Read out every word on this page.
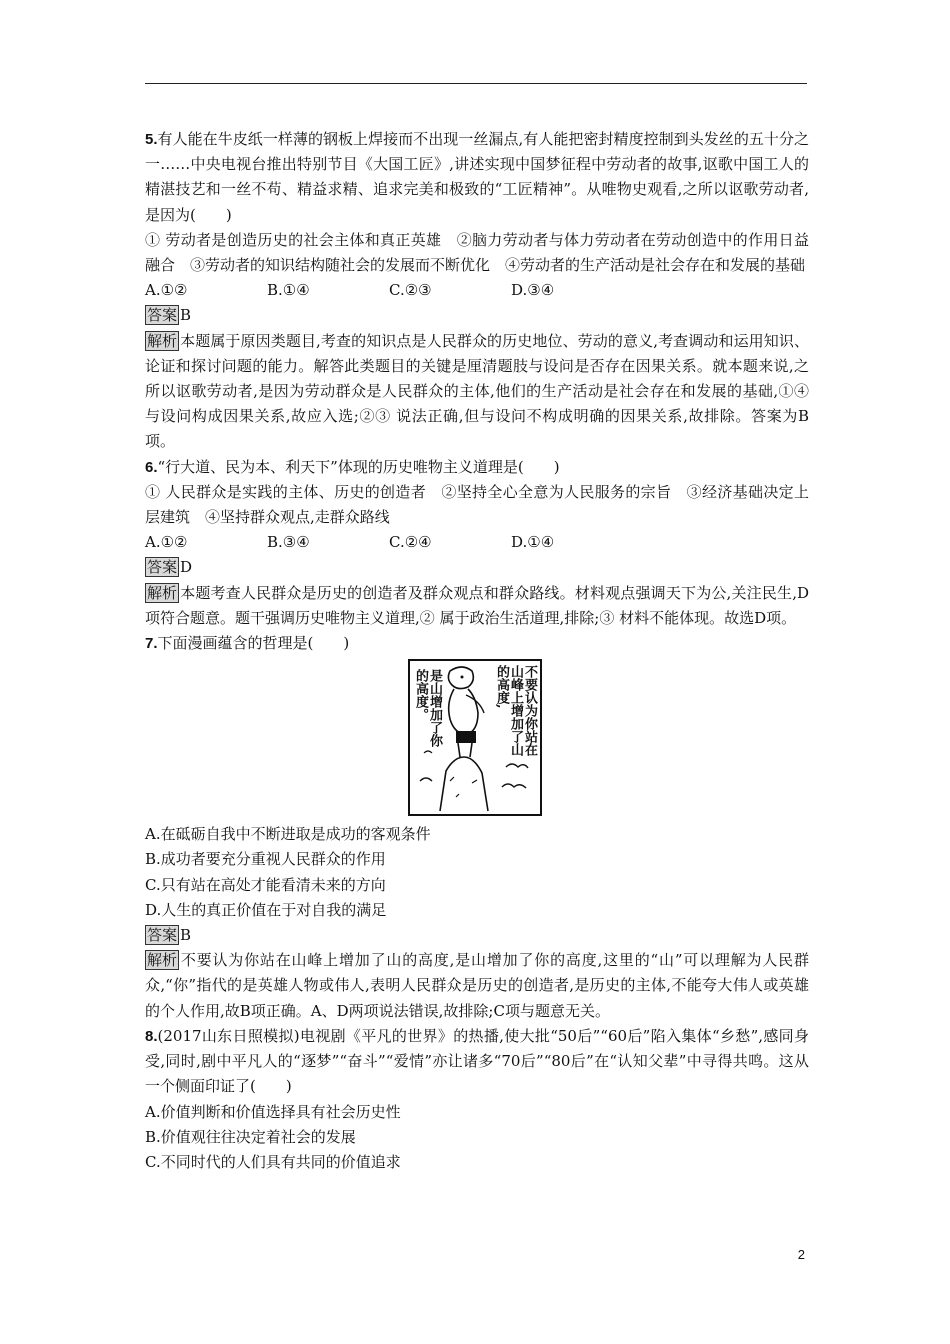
5.有人能在牛皮纸一样薄的钢板上焊接而不出现一丝漏点,有人能把密封精度控制到头发丝的五十分之一……中央电视台推出特别节目《大国工匠》,讲述实现中国梦征程中劳动者的故事,讴歌中国工人的精湛技艺和一丝不苟、精益求精、追求完美和极致的“工匠精神”。从唯物史观看,之所以讴歌劳动者,是因为(　　)

① 劳动者是创造历史的社会主体和真正英雄　②脑力劳动者与体力劳动者在劳动创造中的作用日益融合　③劳动者的知识结构随社会的发展而不断优化　④劳动者的生产活动是社会存在和发展的基础

A.①②	B.①④	C.②③	D.③④

答案 B

解析 本题属于原因类题目,考查的知识点是人民群众的历史地位、劳动的意义,考查调动和运用知识、论证和探讨问题的能力。解答此类题目的关键是厘清题肢与设问是否存在因果关系。就本题来说,之所以讴歌劳动者,是因为劳动群众是人民群众的主体,他们的生产活动是社会存在和发展的基础,①④ 与设问构成因果关系,故应入选;②③ 说法正确,但与设问不构成明确的因果关系,故排除。答案为B项。

6.“行大道、民为本、利天下”体现的历史唯物主义道理是(　　)

① 人民群众是实践的主体、历史的创造者　②坚持全心全意为人民服务的宗旨　③经济基础决定上层建筑　④坚持群众观点,走群众路线

A.①②	B.③④	C.②④	D.①④

答案 D

解析 本题考查人民群众是历史的创造者及群众观点和群众路线。材料观点强调天下为公,关注民生,D项符合题意。题干强调历史唯物主义道理,② 属于政治生活道理,排除;③ 材料不能体现。故选D项。

7.下面漫画蕴含的哲理是(　　)

不要认为你站在山峰上增加了山的高度,
是山增加了你的高度。

A.在砥砺自我中不断进取是成功的客观条件

B.成功者要充分重视人民群众的作用

C.只有站在高处才能看清未来的方向

D.人生的真正价值在于对自我的满足

答案 B

解析 不要认为你站在山峰上增加了山的高度,是山增加了你的高度,这里的“山”可以理解为人民群众,“你”指代的是英雄人物或伟人,表明人民群众是历史的创造者,是历史的主体,不能夸大伟人或英雄的个人作用,故B项正确。A、D两项说法错误,故排除;C项与题意无关。

8.(2017山东日照模拟)电视剧《平凡的世界》的热播,使大批“50后”“60后”陷入集体“乡愁”,感同身受,同时,剧中平凡人的“逐梦”“奋斗”“爱情”亦让诸多“70后”“80后”在“认知父辈”中寻得共鸣。这从一个侧面印证了(　　)

A.价值判断和价值选择具有社会历史性

B.价值观往往决定着社会的发展

C.不同时代的人们具有共同的价值追求

2
